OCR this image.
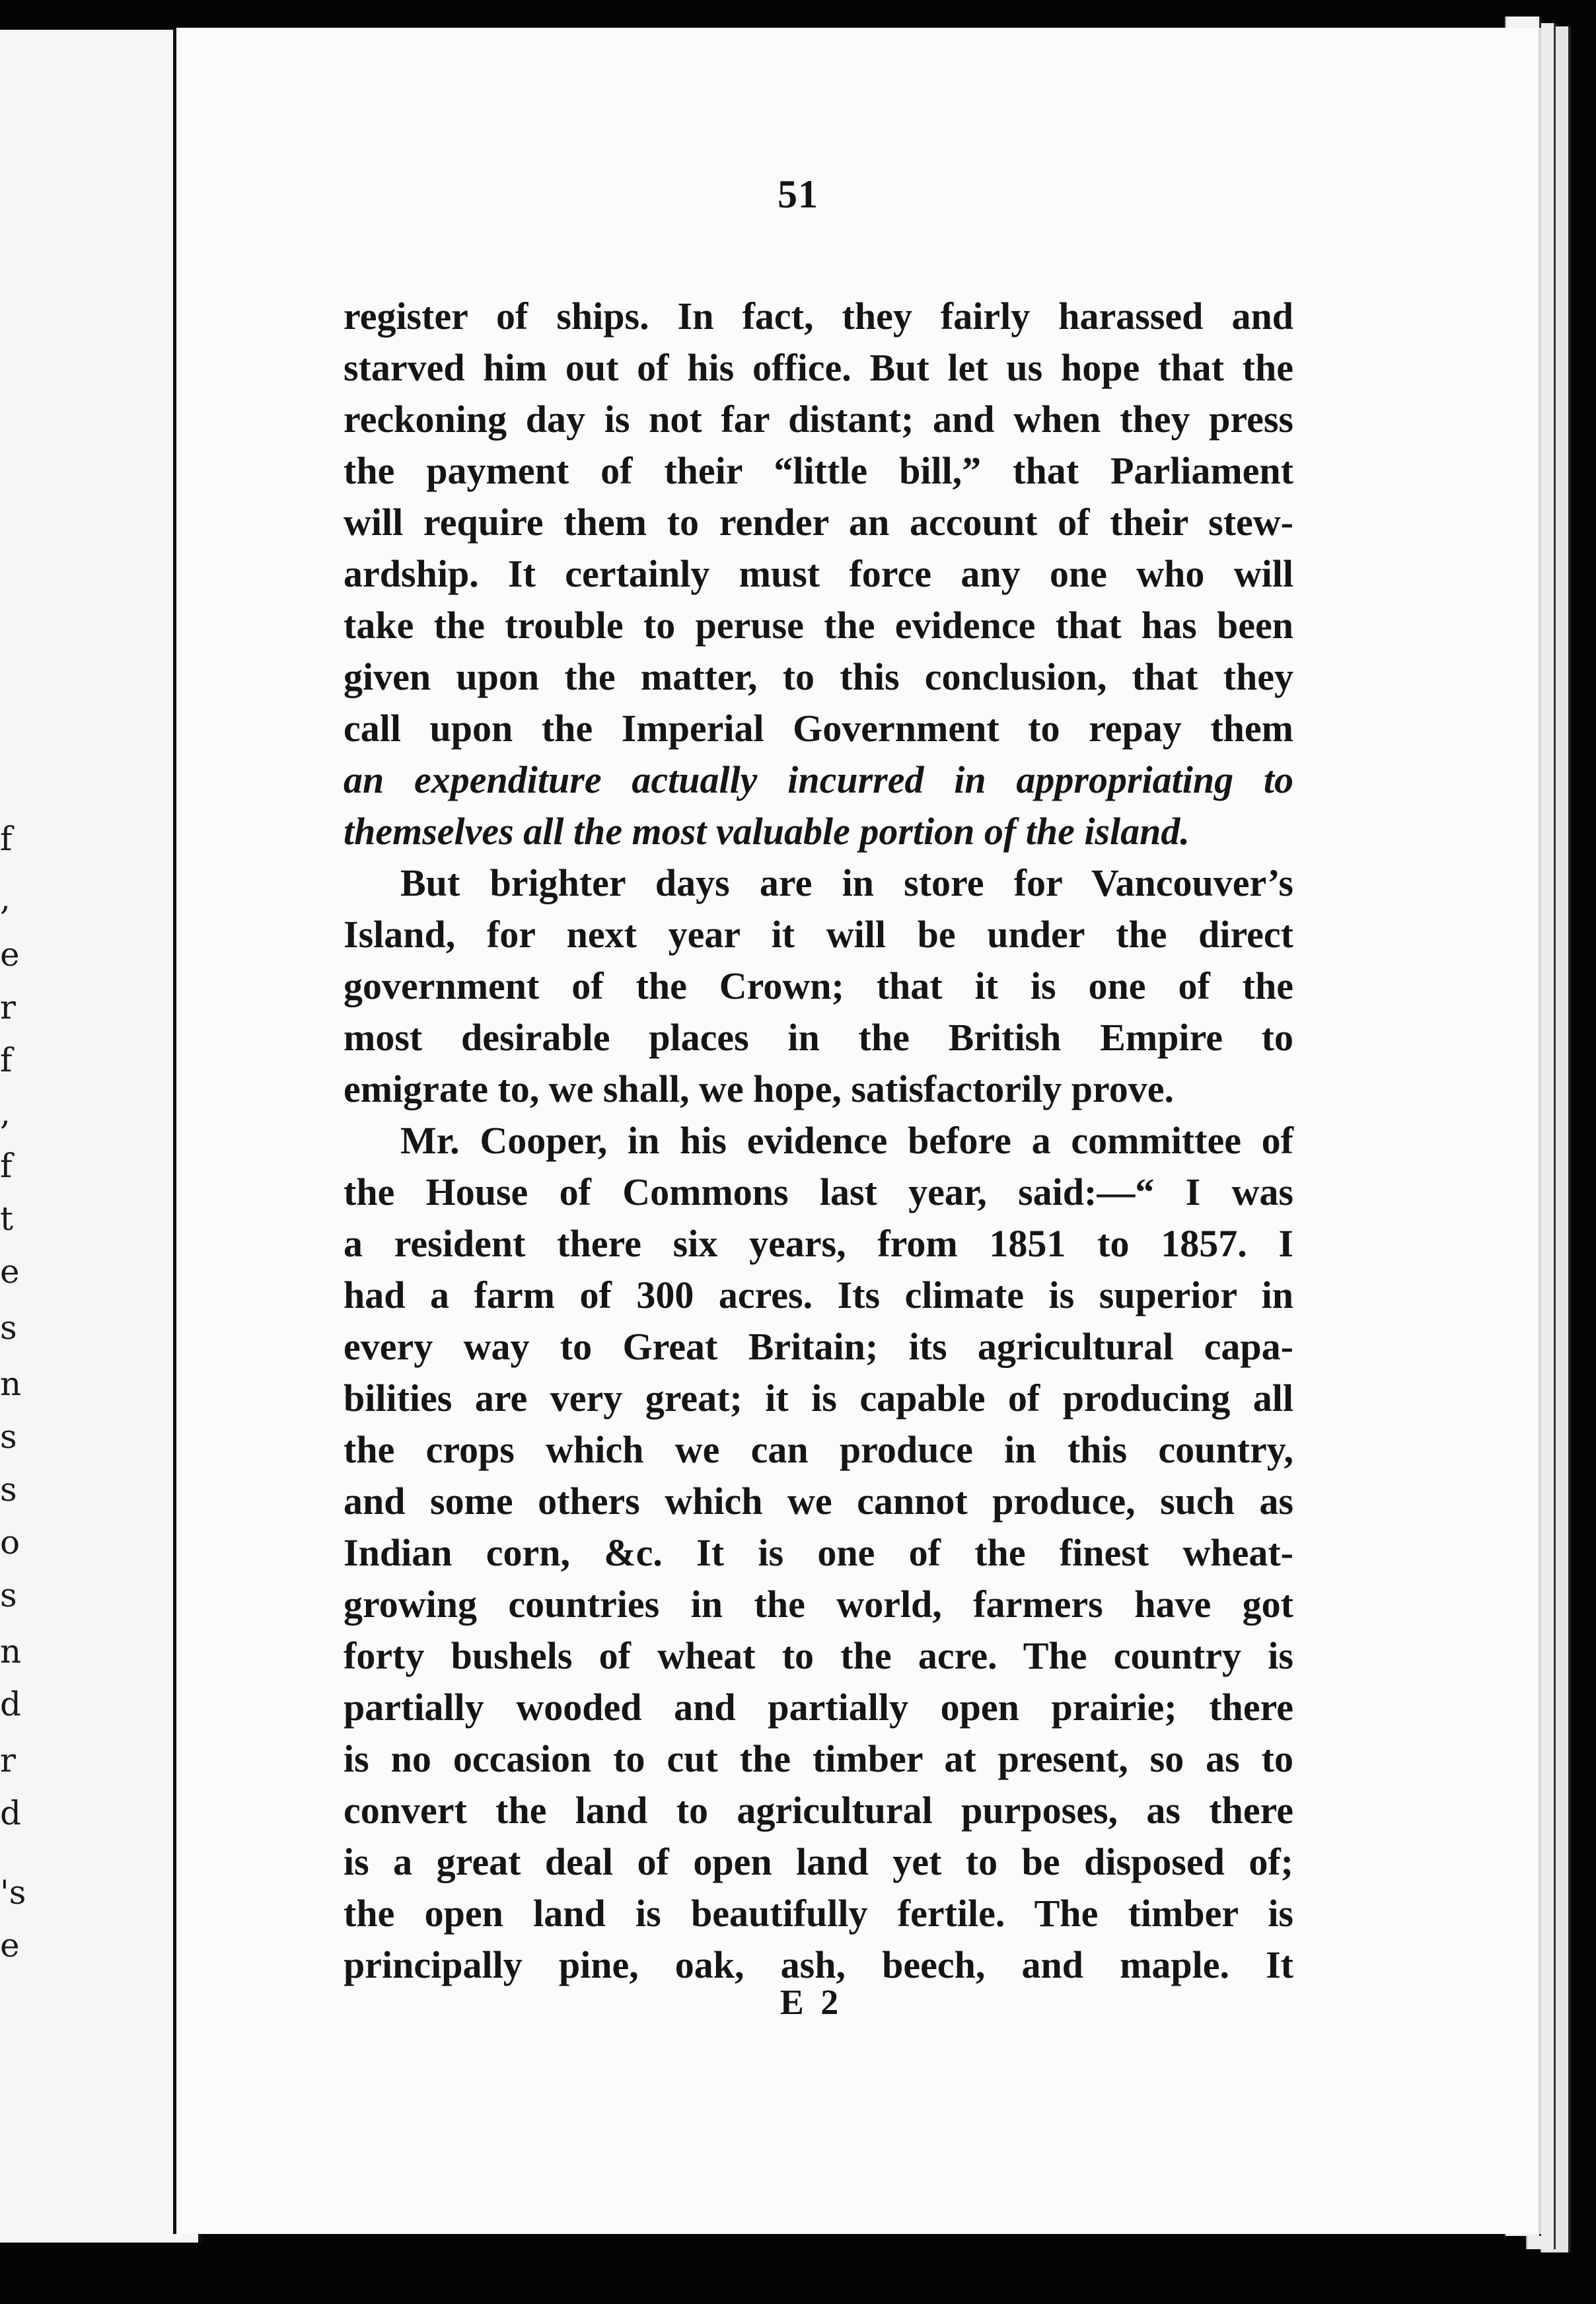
f
,
e
r
f
,
f
t
e
s
n
s
s
o
s
n
d
r
d
's
e
51
register of ships. In fact, they fairly harassed and
starved him out of his office. But let us hope that the
reckoning day is not far distant; and when they press
the payment of their “little bill,” that Parliament
will require them to render an account of their stew-
ardship. It certainly must force any one who will
take the trouble to peruse the evidence that has been
given upon the matter, to this conclusion, that they
call upon the Imperial Government to repay them
an expenditure actually incurred in appropriating to
themselves all the most valuable portion of the island.
But brighter days are in store for Vancouver’s
Island, for next year it will be under the direct
government of the Crown; that it is one of the
most desirable places in the British Empire to
emigrate to, we shall, we hope, satisfactorily prove.
Mr. Cooper, in his evidence before a committee of
the House of Commons last year, said:—“ I was
a resident there six years, from 1851 to 1857. I
had a farm of 300 acres. Its climate is superior in
every way to Great Britain; its agricultural capa-
bilities are very great; it is capable of producing all
the crops which we can produce in this country,
and some others which we cannot produce, such as
Indian corn, &c. It is one of the finest wheat-
growing countries in the world, farmers have got
forty bushels of wheat to the acre. The country is
partially wooded and partially open prairie; there
is no occasion to cut the timber at present, so as to
convert the land to agricultural purposes, as there
is a great deal of open land yet to be disposed of;
the open land is beautifully fertile. The timber is
principally pine, oak, ash, beech, and maple. It
E 2
